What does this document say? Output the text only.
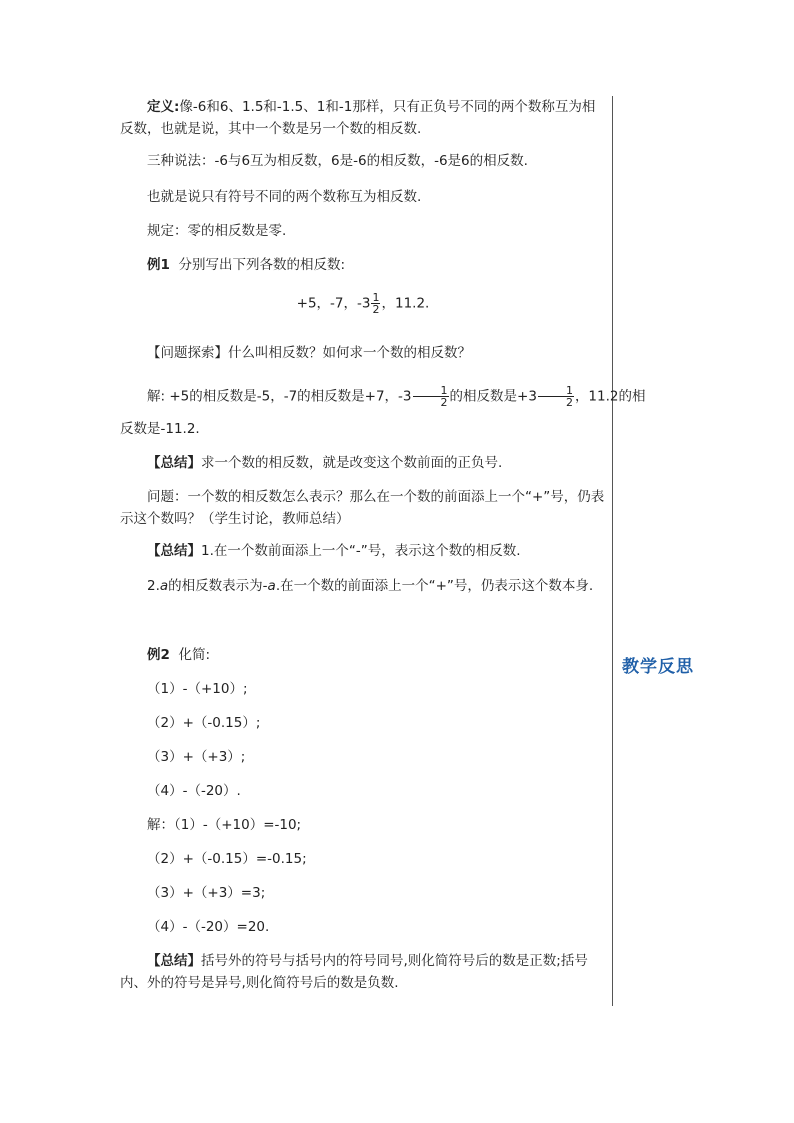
教学反思
定义:像-6和6、1.5和-1.5、1和-1那样，只有正负号不同的两个数称互为相反数，也就是说，其中一个数是另一个数的相反数.
三种说法：-6与6互为相反数，6是-6的相反数，-6是6的相反数.
也就是说只有符号不同的两个数称互为相反数.
规定：零的相反数是零.
例1 分别写出下列各数的相反数:
+5，-7，$-3 \frac{1}{2}$ ，11.2.
【问题探索】什么叫相反数？如何求一个数的相反数？
解: +5的相反数是-5，-7的相反数是+7，$-3 \frac{1}{2}$ 的相反数是$+3 \frac{1}{2}$ ，11.2的相
反数是-11.2.
【总结】求一个数的相反数，就是改变这个数前面的正负号.
问题：一个数的相反数怎么表示？那么在一个数的前面添上一个“+”号，仍表示这个数吗？（学生讨论，教师总结）
【总结】1.在一个数前面添上一个“-”号，表示这个数的相反数.
2.a的相反数表示为-a.在一个数的前面添上一个“+”号，仍表示这个数本身.
例2 化简:
（1）-（+10）;
（2）+（-0.15）;
（3）+（+3）;
（4）-（-20）.
解：（1）-（+10）=-10;
（2）+（-0.15）=-0.15;
（3）+（+3）=3;
（4）-（-20）=20.
【总结】括号外的符号与括号内的符号同号,则化简符号后的数是正数;括号内、外的符号是异号,则化简符号后的数是负数.
